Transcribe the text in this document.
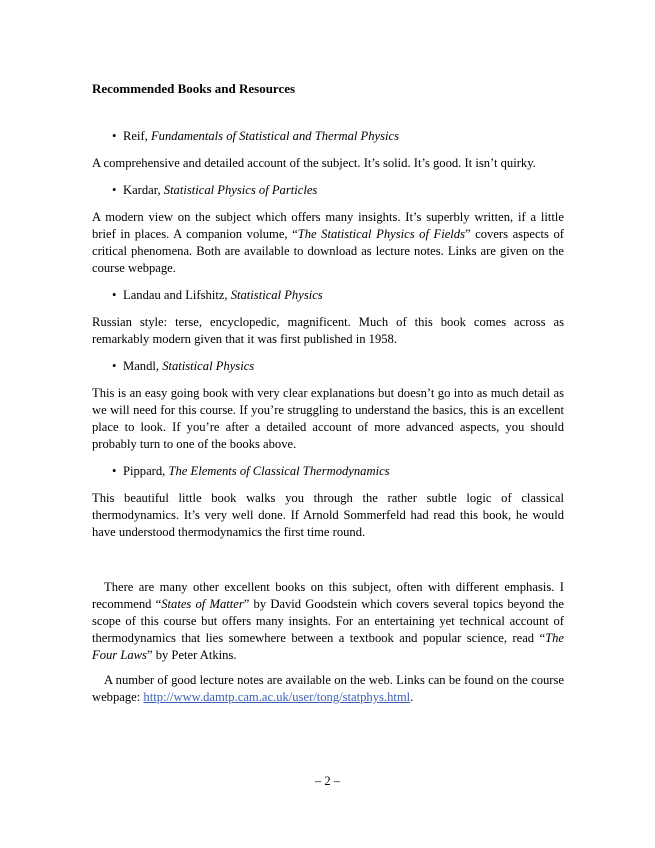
Recommended Books and Resources
• Reif, Fundamentals of Statistical and Thermal Physics

A comprehensive and detailed account of the subject. It’s solid. It’s good. It isn’t quirky.

• Kardar, Statistical Physics of Particles

A modern view on the subject which offers many insights. It’s superbly written, if a little brief in places. A companion volume, “The Statistical Physics of Fields” covers aspects of critical phenomena. Both are available to download as lecture notes. Links are given on the course webpage.

• Landau and Lifshitz, Statistical Physics

Russian style: terse, encyclopedic, magnificent. Much of this book comes across as remarkably modern given that it was first published in 1958.

• Mandl, Statistical Physics

This is an easy going book with very clear explanations but doesn’t go into as much detail as we will need for this course. If you’re struggling to understand the basics, this is an excellent place to look. If you’re after a detailed account of more advanced aspects, you should probably turn to one of the books above.

• Pippard, The Elements of Classical Thermodynamics

This beautiful little book walks you through the rather subtle logic of classical thermodynamics. It’s very well done. If Arnold Sommerfeld had read this book, he would have understood thermodynamics the first time round.

There are many other excellent books on this subject, often with different emphasis. I recommend “States of Matter” by David Goodstein which covers several topics beyond the scope of this course but offers many insights. For an entertaining yet technical account of thermodynamics that lies somewhere between a textbook and popular science, read “The Four Laws” by Peter Atkins.

A number of good lecture notes are available on the web. Links can be found on the course webpage: http://www.damtp.cam.ac.uk/user/tong/statphys.html.

– 2 –
